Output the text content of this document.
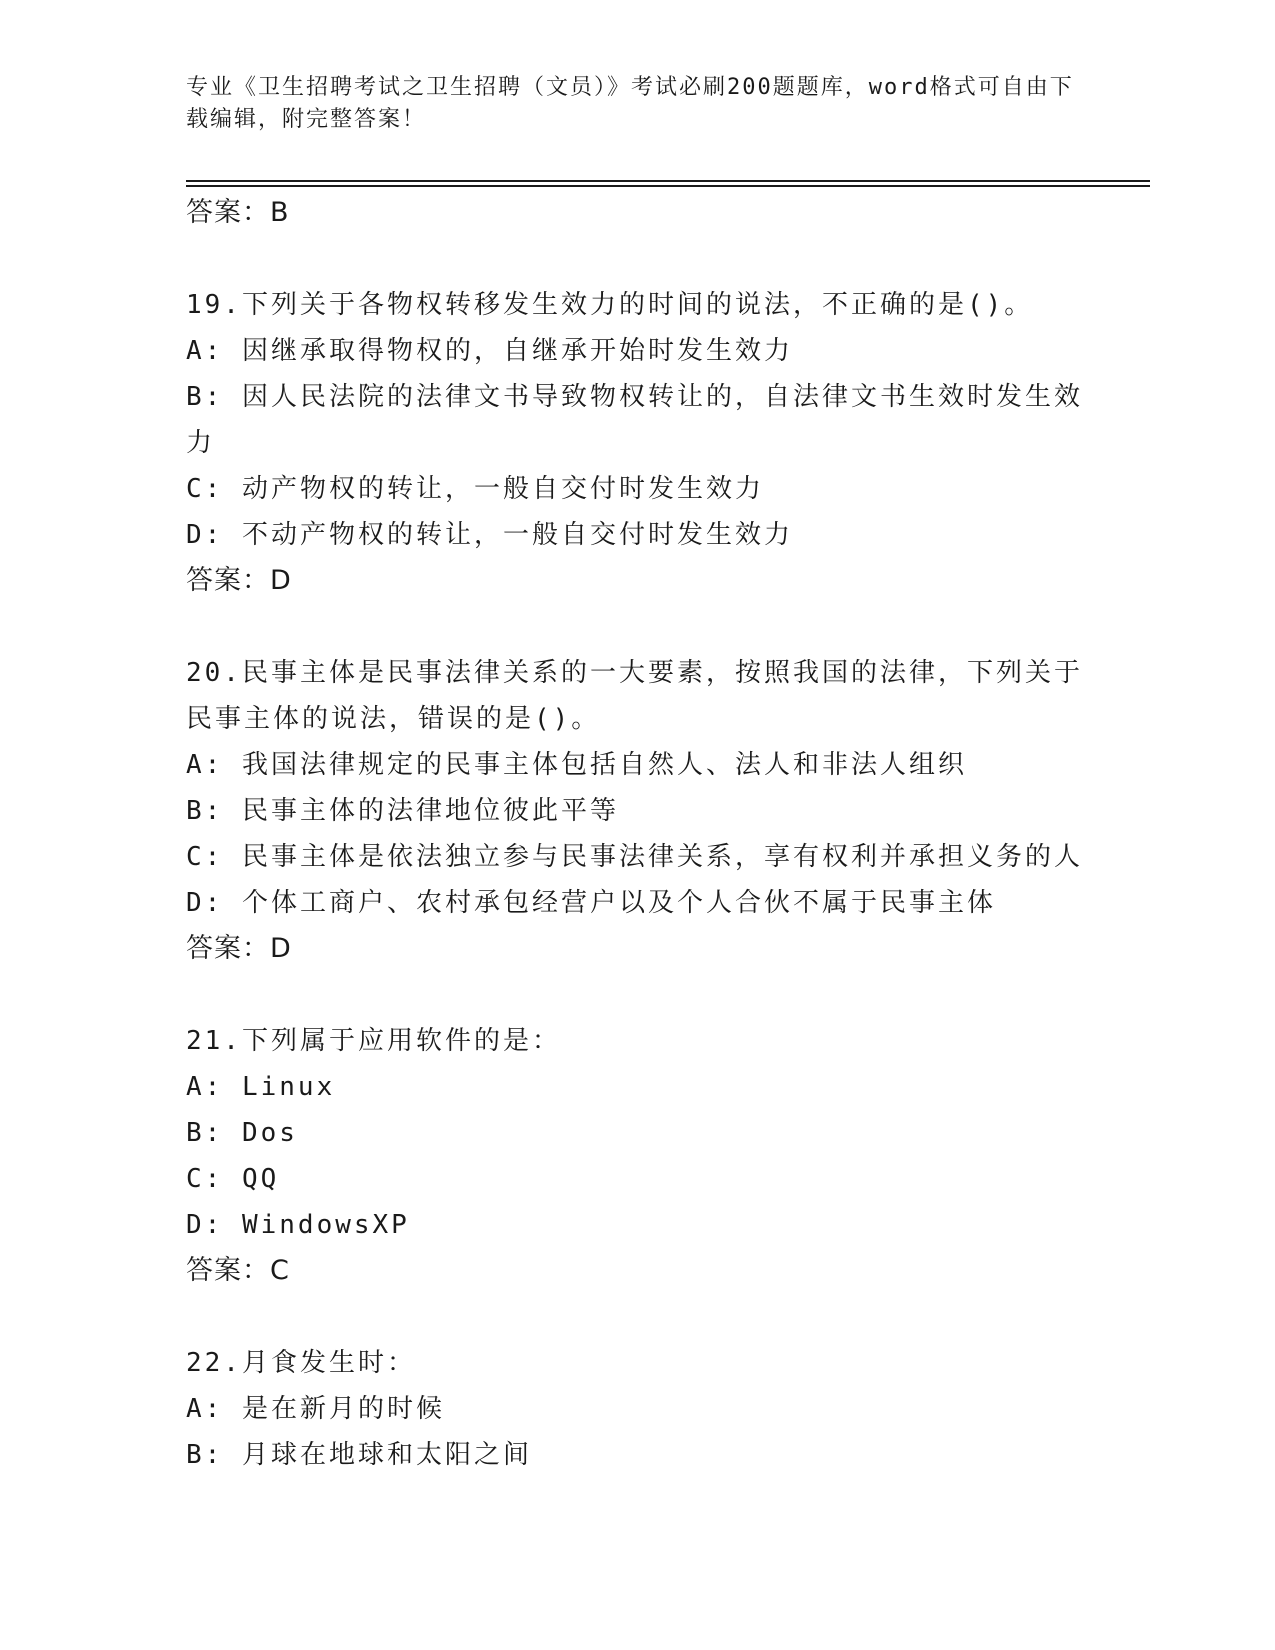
专业《卫生招聘考试之卫生招聘（文员）》考试必刷200题题库，word格式可自由下载编辑，附完整答案！
答案：B
19.下列关于各物权转移发生效力的时间的说法，不正确的是()。
A: 因继承取得物权的，自继承开始时发生效力
B: 因人民法院的法律文书导致物权转让的，自法律文书生效时发生效力
C: 动产物权的转让，一般自交付时发生效力
D: 不动产物权的转让，一般自交付时发生效力
答案：D
20.民事主体是民事法律关系的一大要素，按照我国的法律，下列关于民事主体的说法，错误的是()。
A: 我国法律规定的民事主体包括自然人、法人和非法人组织
B: 民事主体的法律地位彼此平等
C: 民事主体是依法独立参与民事法律关系，享有权利并承担义务的人
D: 个体工商户、农村承包经营户以及个人合伙不属于民事主体
答案：D
21.下列属于应用软件的是：
A: Linux
B: Dos
C: QQ
D: WindowsXP
答案：C
22.月食发生时：
A: 是在新月的时候
B: 月球在地球和太阳之间
